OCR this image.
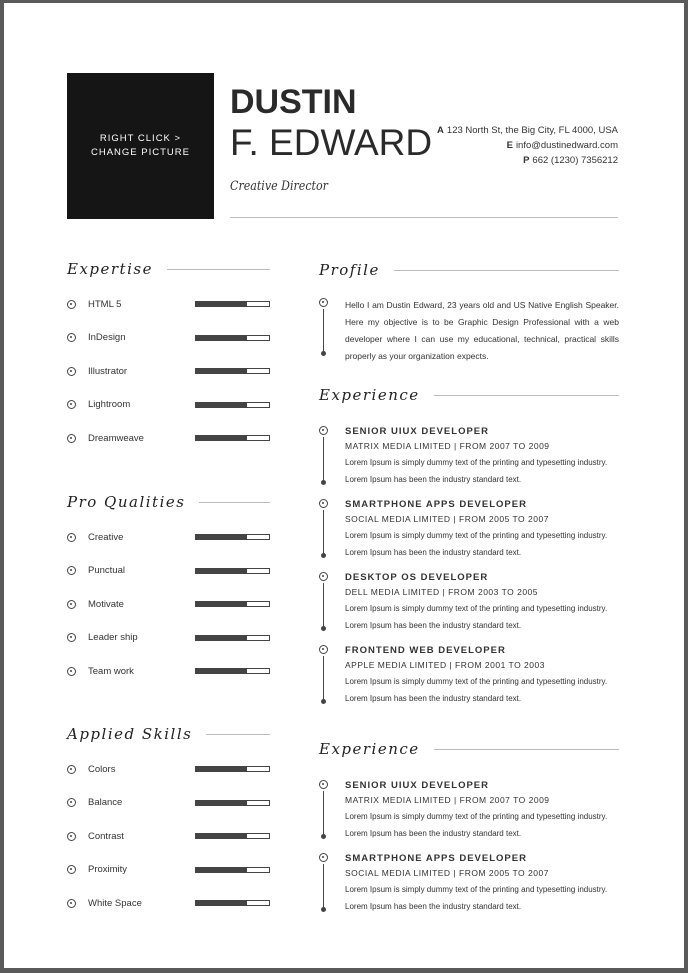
RIGHT CLICK >
CHANGE PICTURE
DUSTIN
F. EDWARD
Creative Director
A 123 North St, the Big City, FL 4000, USA
E info@dustinedward.com
P 662 (1230) 7356212
Expertise
HTML 5
InDesign
Illustrator
Lightroom
Dreamweave
Pro Qualities
Creative
Punctual
Motivate
Leader ship
Team work
Applied Skills
Colors
Balance
Contrast
Proximity
White Space
Profile
Hello I am Dustin Edward, 23 years old and US Native English Speaker. Here my objective is to be Graphic Design Professional with a web developer where I can use my educational, technical, practical skills properly as your organization expects.
Experience
SENIOR UIUX DEVELOPER
MATRIX MEDIA LIMITED | FROM 2007 TO 2009
Lorem Ipsum is simply dummy text of the printing and typesetting industry.
Lorem Ipsum has been the industry standard text.
SMARTPHONE APPS DEVELOPER
SOCIAL MEDIA LIMITED | FROM 2005 TO 2007
Lorem Ipsum is simply dummy text of the printing and typesetting industry.
Lorem Ipsum has been the industry standard text.
DESKTOP OS DEVELOPER
DELL MEDIA LIMITED | FROM 2003 TO 2005
Lorem Ipsum is simply dummy text of the printing and typesetting industry.
Lorem Ipsum has been the industry standard text.
FRONTEND WEB DEVELOPER
APPLE MEDIA LIMITED | FROM 2001 TO 2003
Lorem Ipsum is simply dummy text of the printing and typesetting industry.
Lorem Ipsum has been the industry standard text.
Experience
SENIOR UIUX DEVELOPER
MATRIX MEDIA LIMITED | FROM 2007 TO 2009
Lorem Ipsum is simply dummy text of the printing and typesetting industry.
Lorem Ipsum has been the industry standard text.
SMARTPHONE APPS DEVELOPER
SOCIAL MEDIA LIMITED | FROM 2005 TO 2007
Lorem Ipsum is simply dummy text of the printing and typesetting industry.
Lorem Ipsum has been the industry standard text.
